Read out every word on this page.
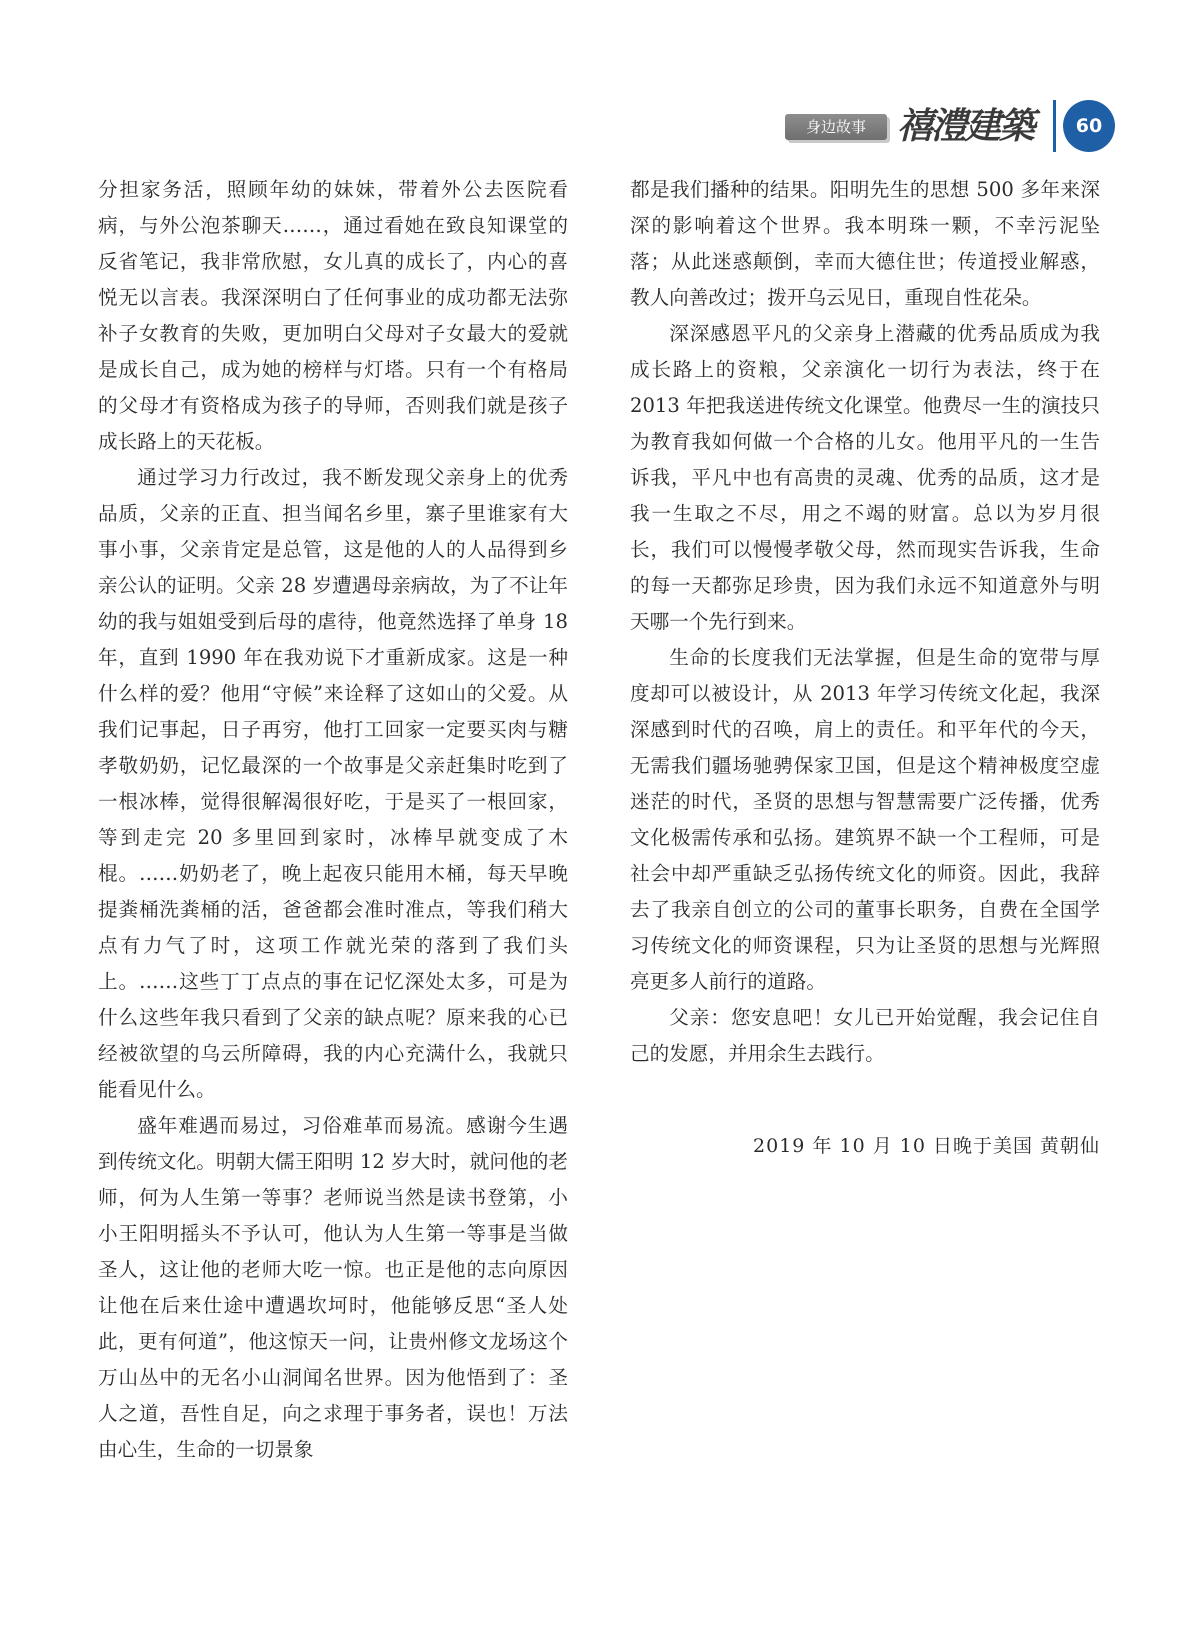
身边故事 禧澧建築	60

分担家务活，照顾年幼的妹妹，带着外公去医院看病，与外公泡茶聊天……，通过看她在致良知课堂的反省笔记，我非常欣慰，女儿真的成长了，内心的喜悦无以言表。我深深明白了任何事业的成功都无法弥补子女教育的失败，更加明白父母对子女最大的爱就是成长自己，成为她的榜样与灯塔。只有一个有格局的父母才有资格成为孩子的导师，否则我们就是孩子成长路上的天花板。

通过学习力行改过，我不断发现父亲身上的优秀品质，父亲的正直、担当闻名乡里，寨子里谁家有大事小事，父亲肯定是总管，这是他的人的人品得到乡亲公认的证明。父亲 28 岁遭遇母亲病故，为了不让年幼的我与姐姐受到后母的虐待，他竟然选择了单身 18 年，直到 1990 年在我劝说下才重新成家。这是一种什么样的爱？他用“守候”来诠释了这如山的父爱。从我们记事起，日子再穷，他打工回家一定要买肉与糖孝敬奶奶，记忆最深的一个故事是父亲赶集时吃到了一根冰棒，觉得很解渴很好吃，于是买了一根回家，等到走完 20 多里回到家时，冰棒早就变成了木棍。……奶奶老了，晚上起夜只能用木桶，每天早晚提粪桶洗粪桶的活，爸爸都会准时准点，等我们稍大点有力气了时，这项工作就光荣的落到了我们头上。……这些丁丁点点的事在记忆深处太多，可是为什么这些年我只看到了父亲的缺点呢？原来我的心已经被欲望的乌云所障碍，我的内心充满什么，我就只能看见什么。

盛年难遇而易过，习俗难革而易流。感谢今生遇到传统文化。明朝大儒王阳明 12 岁大时，就问他的老师，何为人生第一等事？老师说当然是读书登第，小小王阳明摇头不予认可，他认为人生第一等事是当做圣人，这让他的老师大吃一惊。也正是他的志向原因让他在后来仕途中遭遇坎坷时，他能够反思“圣人处此，更有何道”，他这惊天一问，让贵州修文龙场这个万山丛中的无名小山洞闻名世界。因为他悟到了：圣人之道，吾性自足，向之求理于事务者，误也！万法由心生，生命的一切景象

都是我们播种的结果。阳明先生的思想 500 多年来深深的影响着这个世界。我本明珠一颗，不幸污泥坠落；从此迷惑颠倒，幸而大德住世；传道授业解惑，教人向善改过；拨开乌云见日，重现自性花朵。

深深感恩平凡的父亲身上潜藏的优秀品质成为我成长路上的资粮，父亲演化一切行为表法，终于在 2013 年把我送进传统文化课堂。他费尽一生的演技只为教育我如何做一个合格的儿女。他用平凡的一生告诉我，平凡中也有高贵的灵魂、优秀的品质，这才是我一生取之不尽，用之不竭的财富。总以为岁月很长，我们可以慢慢孝敬父母，然而现实告诉我，生命的每一天都弥足珍贵，因为我们永远不知道意外与明天哪一个先行到来。

生命的长度我们无法掌握，但是生命的宽带与厚度却可以被设计，从 2013 年学习传统文化起，我深深感到时代的召唤，肩上的责任。和平年代的今天，无需我们疆场驰骋保家卫国，但是这个精神极度空虚迷茫的时代，圣贤的思想与智慧需要广泛传播，优秀文化极需传承和弘扬。建筑界不缺一个工程师，可是社会中却严重缺乏弘扬传统文化的师资。因此，我辞去了我亲自创立的公司的董事长职务，自费在全国学习传统文化的师资课程，只为让圣贤的思想与光辉照亮更多人前行的道路。

父亲：您安息吧！女儿已开始觉醒，我会记住自己的发愿，并用余生去践行。

2019 年 10 月 10 日晚于美国 黄朝仙
